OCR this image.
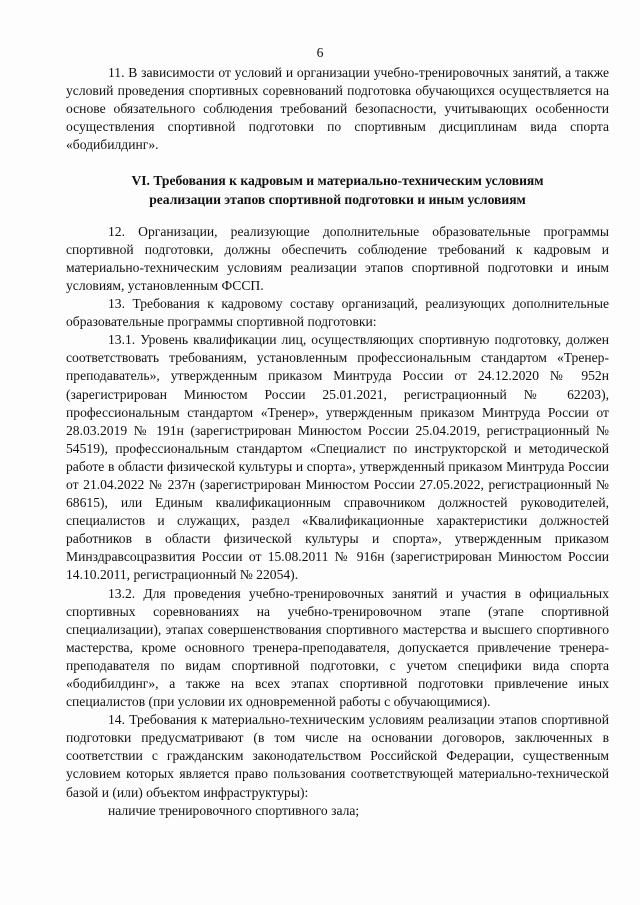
6

11. В зависимости от условий и организации учебно-тренировочных занятий, а также условий проведения спортивных соревнований подготовка обучающихся осуществляется на основе обязательного соблюдения требований безопасности, учитывающих особенности осуществления спортивной подготовки по спортивным дисциплинам вида спорта «бодибилдинг».

VI. Требования к кадровым и материально-техническим условиям
реализации этапов спортивной подготовки и иным условиям

12. Организации, реализующие дополнительные образовательные программы спортивной подготовки, должны обеспечить соблюдение требований к кадровым и материально-техническим условиям реализации этапов спортивной подготовки и иным условиям, установленным ФССП.

13. Требования к кадровому составу организаций, реализующих дополнительные образовательные программы спортивной подготовки:

13.1. Уровень квалификации лиц, осуществляющих спортивную подготовку, должен соответствовать требованиям, установленным профессиональным стандартом «Тренер-преподаватель», утвержденным приказом Минтруда России от 24.12.2020 № 952н (зарегистрирован Минюстом России 25.01.2021, регистрационный № 62203), профессиональным стандартом «Тренер», утвержденным приказом Минтруда России от 28.03.2019 № 191н (зарегистрирован Минюстом России 25.04.2019, регистрационный № 54519), профессиональным стандартом «Специалист по инструкторской и методической работе в области физической культуры и спорта», утвержденный приказом Минтруда России от 21.04.2022 № 237н (зарегистрирован Минюстом России 27.05.2022, регистрационный № 68615), или Единым квалификационным справочником должностей руководителей, специалистов и служащих, раздел «Квалификационные характеристики должностей работников в области физической культуры и спорта», утвержденным приказом Минздравсоцразвития России от 15.08.2011 № 916н (зарегистрирован Минюстом России 14.10.2011, регистрационный № 22054).

13.2. Для проведения учебно-тренировочных занятий и участия в официальных спортивных соревнованиях на учебно-тренировочном этапе (этапе спортивной специализации), этапах совершенствования спортивного мастерства и высшего спортивного мастерства, кроме основного тренера-преподавателя, допускается привлечение тренера-преподавателя по видам спортивной подготовки, с учетом специфики вида спорта «бодибилдинг», а также на всех этапах спортивной подготовки привлечение иных специалистов (при условии их одновременной работы с обучающимися).

14. Требования к материально-техническим условиям реализации этапов спортивной подготовки предусматривают (в том числе на основании договоров, заключенных в соответствии с гражданским законодательством Российской Федерации, существенным условием которых является право пользования соответствующей материально-технической базой и (или) объектом инфраструктуры):

наличие тренировочного спортивного зала;
